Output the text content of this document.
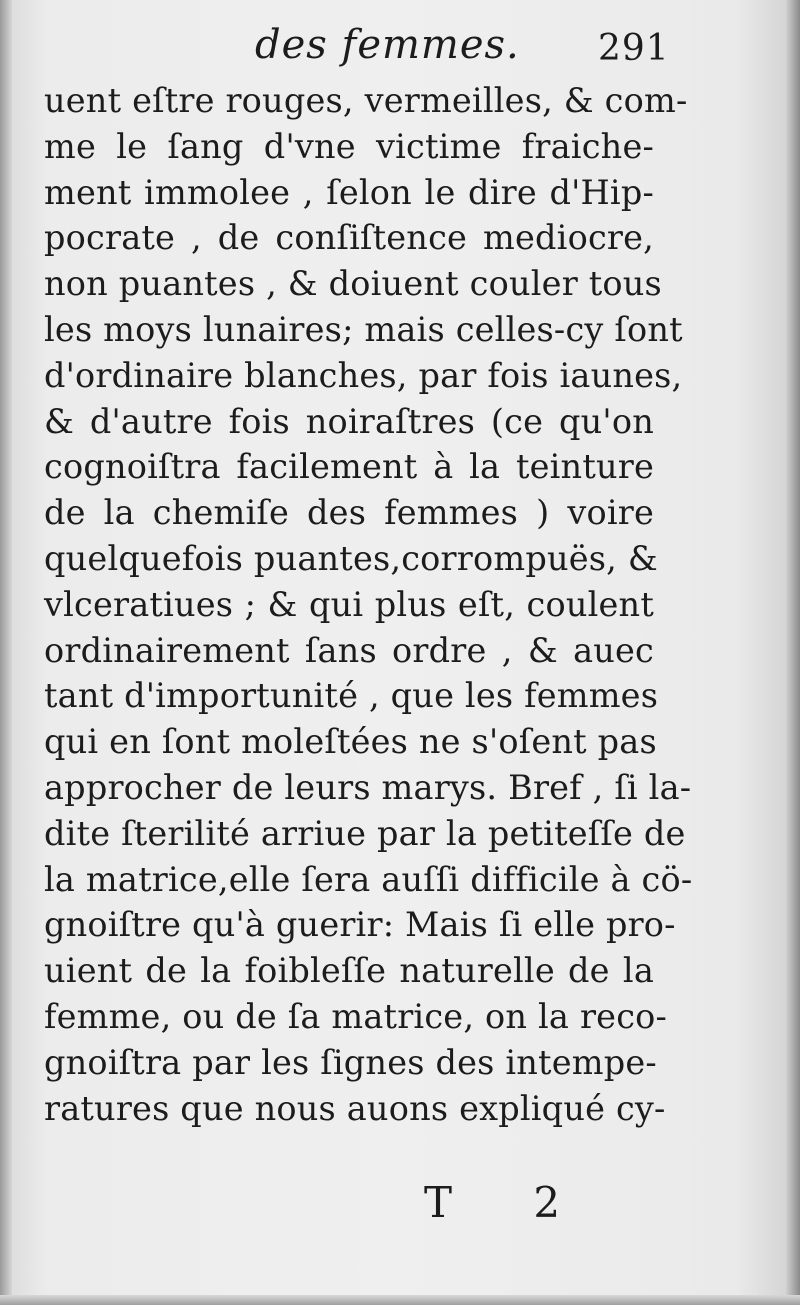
des femmes. 291
uent eſtre rouges, vermeilles, & com-
me le ſang d'vne victime fraiche-
ment immolee , ſelon le dire d'Hip-
pocrate , de conſiſtence mediocre,
non puantes , & doiuent couler tous
les moys lunaires; mais celles-cy ſont
d'ordinaire blanches, par fois iaunes,
& d'autre fois noiraſtres (ce qu'on
cognoiſtra facilement à la teinture
de la chemiſe des femmes ) voire
quelquefois puantes,corrompuës, &
vlceratiues ; & qui plus eſt, coulent
ordinairement ſans ordre , & auec
tant d'importunité , que les femmes
qui en ſont moleſtées ne s'oſent pas
approcher de leurs marys. Bref , ſi la-
dite ſterilité arriue par la petiteſſe de
la matrice,elle ſera auſſi difficile à cö-
gnoiſtre qu'à guerir: Mais ſi elle pro-
uient de la foibleſſe naturelle de la
femme, ou de ſa matrice, on la reco-
gnoiſtra par les ſignes des intempe-
ratures que nous auons expliqué cy-
T 2
